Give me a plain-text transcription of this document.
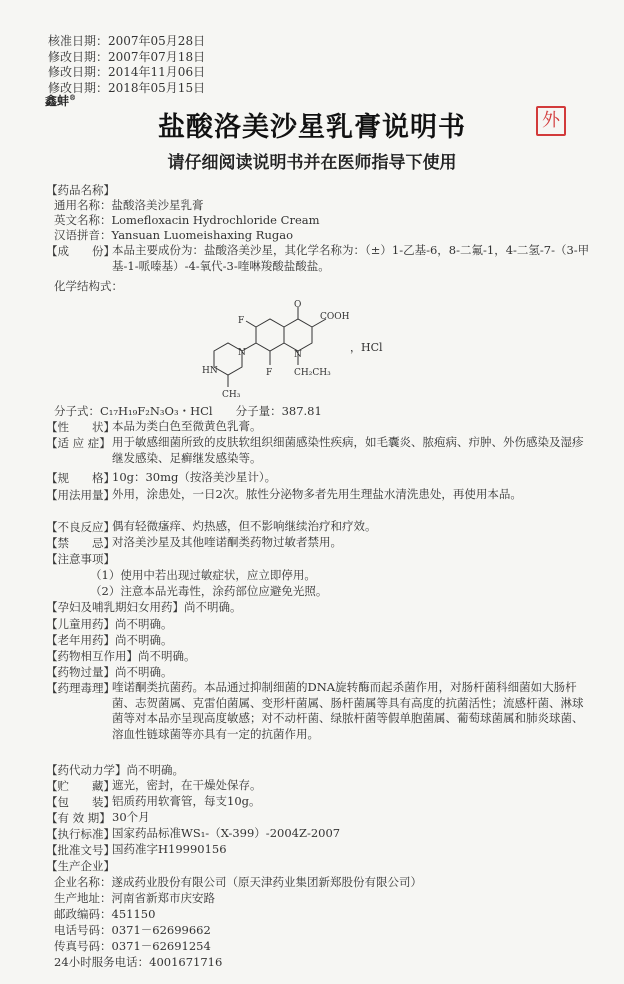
核准日期：2007年05月28日
修改日期：2007年07月18日
修改日期：2014年11月06日
修改日期：2018年05月15日
鑫蚌®
盐酸洛美沙星乳膏说明书	外
请仔细阅读说明书并在医师指导下使用
【药品名称】
通用名称：盐酸洛美沙星乳膏
英文名称：Lomefloxacin Hydrochloride Cream
汉语拼音：Yansuan Luomeishaxing Rugao
【成　　份】
本品主要成份为：盐酸洛美沙星，其化学名称为：（±）1-乙基-6，8-二氟-1，4-二氢-7-（3-甲基-1-哌嗪基）-4-氧代-3-喹啉羧酸盐酸盐。
化学结构式：
分子式：C₁₇H₁₉F₂N₃O₃・HCl　　分子量：387.81
【性　　状】
本品为类白色至微黄色乳膏。
【适 应 症】 用于敏感细菌所致的皮肤软组织细菌感染性疾病，如毛囊炎、脓疱病、疖肿、外伤感染及湿疹继发感染、足癣继发感染等。
【规　　格】
10g：30mg（按洛美沙星计）。
【用法用量】
外用，涂患处，一日2次。脓性分泌物多者先用生理盐水清洗患处，再使用本品。
【不良反应】
偶有轻微瘙痒、灼热感，但不影响继续治疗和疗效。
【禁　　忌】
对洛美沙星及其他喹诺酮类药物过敏者禁用。
【注意事项】
（1）使用中若出现过敏症状，应立即停用。
（2）注意本品光毒性，涂药部位应避免光照。
【孕妇及哺乳期妇女用药】尚不明确。
【儿童用药】尚不明确。
【老年用药】尚不明确。
【药物相互作用】尚不明确。
【药物过量】尚不明确。
【药理毒理】
喹诺酮类抗菌药。本品通过抑制细菌的DNA旋转酶而起杀菌作用，对肠杆菌科细菌如大肠杆菌、志贺菌属、克雷伯菌属、变形杆菌属、肠杆菌属等具有高度的抗菌活性；流感杆菌、淋球菌等对本品亦呈现高度敏感；对不动杆菌、绿脓杆菌等假单胞菌属、葡萄球菌属和肺炎球菌、溶血性链球菌等亦具有一定的抗菌作用。
【药代动力学】尚不明确。
【贮　　藏】
遮光，密封，在干燥处保存。
【包　　装】
铝质药用软膏管，每支10g。
【有 效 期】 30个月
【执行标准】
国家药品标准WS₁-（X-399）-2004Z-2007
【批准文号】
国药准字H19990156
【生产企业】
企业名称：遂成药业股份有限公司（原天津药业集团新郑股份有限公司）
生产地址：河南省新郑市庆安路
邮政编码：451150
电话号码：0371－62699662
传真号码：0371－62691254
24小时服务电话：4001671716
O
COOH
F
F
N
CH₂CH₃
N
HN
CH₃
，HCl
